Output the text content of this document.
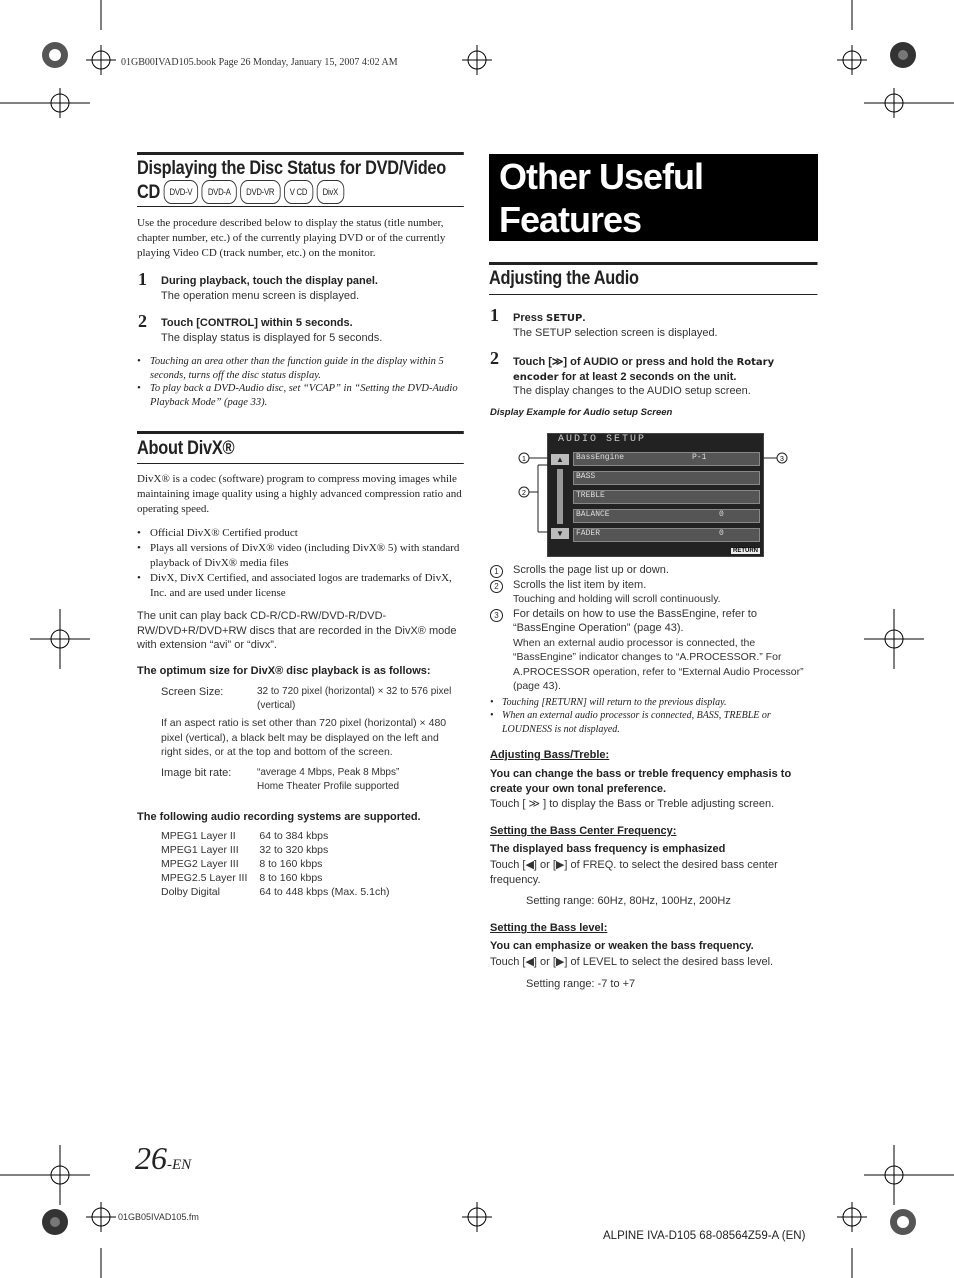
01GB00IVAD105.book Page 26 Monday, January 15, 2007 4:02 AM
Displaying the Disc Status for DVD/Video
CD DVD-V DVD-A DVD-VR V CD DivX
Use the procedure described below to display the status (title number, chapter number, etc.) of the currently playing DVD or of the currently playing Video CD (track number, etc.) on the monitor.
1 During playback, touch the display panel.
The operation menu screen is displayed.
2 Touch [CONTROL] within 5 seconds.
The display status is displayed for 5 seconds.
• Touching an area other than the function guide in the display within 5 seconds, turns off the disc status display.
• To play back a DVD-Audio disc, set “VCAP” in “Setting the DVD-Audio Playback Mode” (page 33).
About DivX®
DivX® is a codec (software) program to compress moving images while maintaining image quality using a highly advanced compression ratio and operating speed.
• Official DivX® Certified product
• Plays all versions of DivX® video (including DivX® 5) with standard playback of DivX® media files
• DivX, DivX Certified, and associated logos are trademarks of DivX, Inc. and are used under license
The unit can play back CD-R/CD-RW/DVD-R/DVD-RW/DVD+R/DVD+RW discs that are recorded in the DivX® mode with extension “avi” or “divx”.
The optimum size for DivX® disc playback is as follows:
Screen Size:	32 to 720 pixel (horizontal) × 32 to 576 pixel (vertical)
If an aspect ratio is set other than 720 pixel (horizontal) × 480 pixel (vertical), a black belt may be displayed on the left and right sides, or at the top and bottom of the screen.
Image bit rate:	“average 4 Mbps, Peak 8 Mbps”
Home Theater Profile supported
The following audio recording systems are supported.
MPEG1 Layer II	64 to 384 kbps
MPEG1 Layer III	32 to 320 kbps
MPEG2 Layer III	8 to 160 kbps
MPEG2.5 Layer III	8 to 160 kbps
Dolby Digital	64 to 448 kbps (Max. 5.1ch)
Other Useful
Features
Adjusting the Audio
1 Press SETUP.
The SETUP selection screen is displayed.
2 Touch [≫] of AUDIO or press and hold the Rotary encoder for at least 2 seconds on the unit.
The display changes to the AUDIO setup screen.
Display Example for Audio setup Screen
AUDIO SETUP
▲
▼
BassEngine	P-1
BASS
TREBLE
BALANCE	0
FADER	0
RETURN
1
2
3
1	Scrolls the page list up or down.
2	Scrolls the list item by item.
Touching and holding will scroll continuously.
3	For details on how to use the BassEngine, refer to “BassEngine Operation” (page 43).
When an external audio processor is connected, the “BassEngine” indicator changes to “A.PROCESSOR.” For A.PROCESSOR operation, refer to “External Audio Processor” (page 43).
• Touching [RETURN] will return to the previous display.
• When an external audio processor is connected, BASS, TREBLE or LOUDNESS is not displayed.
Adjusting Bass/Treble:
You can change the bass or treble frequency emphasis to create your own tonal preference.
Touch [ ≫ ] to display the Bass or Treble adjusting screen.
Setting the Bass Center Frequency:
The displayed bass frequency is emphasized
Touch [◀] or [▶] of FREQ. to select the desired bass center frequency.
Setting range: 60Hz, 80Hz, 100Hz, 200Hz
Setting the Bass level:
You can emphasize or weaken the bass frequency.
Touch [◀] or [▶] of LEVEL to select the desired bass level.
Setting range: -7 to +7
26-EN
01GB05IVAD105.fm
ALPINE IVA-D105 68-08564Z59-A (EN)
